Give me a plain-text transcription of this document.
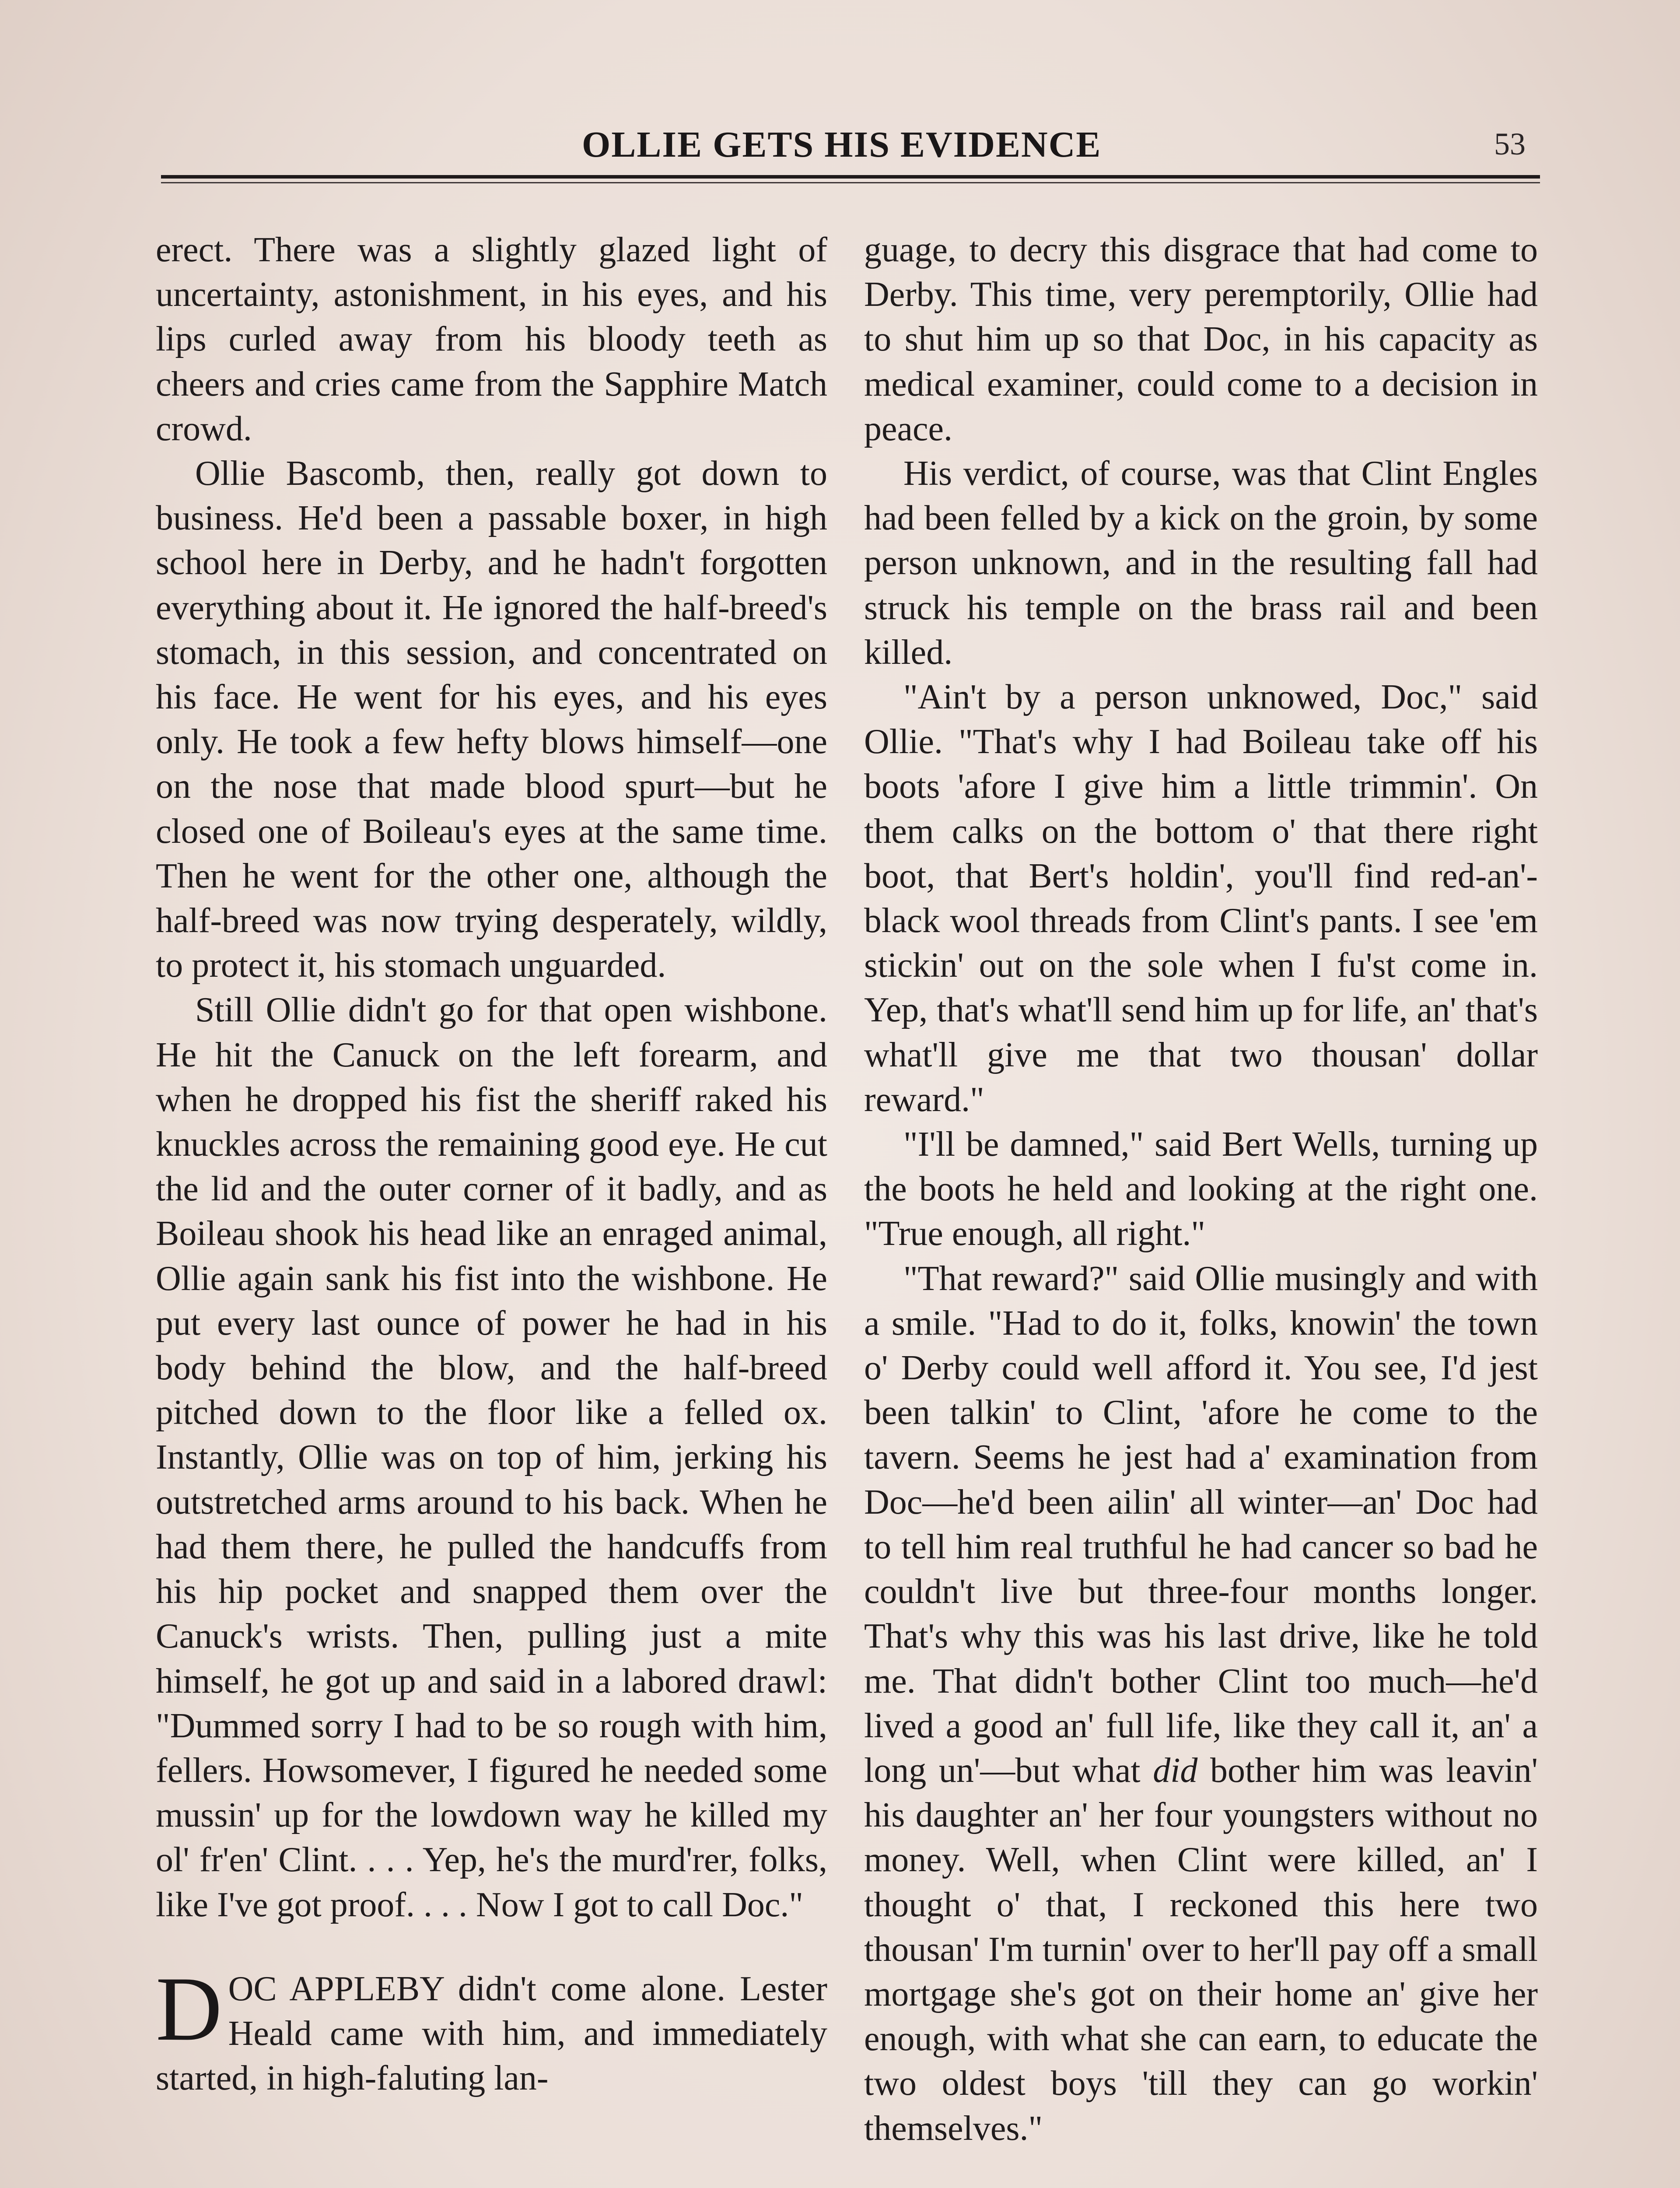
OLLIE GETS HIS EVIDENCE	53

erect. There was a slightly glazed light of uncertainty, astonishment, in his eyes, and his lips curled away from his bloody teeth as cheers and cries came from the Sapphire Match crowd.

Ollie Bascomb, then, really got down to business. He'd been a passable boxer, in high school here in Derby, and he hadn't forgotten everything about it. He ignored the half-breed's stomach, in this session, and concentrated on his face. He went for his eyes, and his eyes only. He took a few hefty blows himself—one on the nose that made blood spurt—but he closed one of Boileau's eyes at the same time. Then he went for the other one, although the half-breed was now trying desperately, wildly, to protect it, his stomach unguarded.

Still Ollie didn't go for that open wishbone. He hit the Canuck on the left forearm, and when he dropped his fist the sheriff raked his knuckles across the remaining good eye. He cut the lid and the outer corner of it badly, and as Boileau shook his head like an enraged animal, Ollie again sank his fist into the wishbone. He put every last ounce of power he had in his body behind the blow, and the half-breed pitched down to the floor like a felled ox. Instantly, Ollie was on top of him, jerking his outstretched arms around to his back. When he had them there, he pulled the handcuffs from his hip pocket and snapped them over the Canuck's wrists. Then, pulling just a mite himself, he got up and said in a labored drawl: "Dummed sorry I had to be so rough with him, fellers. Howsomever, I figured he needed some mussin' up for the lowdown way he killed my ol' fr'en' Clint. . . . Yep, he's the murd'rer, folks, like I've got proof. . . . Now I got to call Doc."

DOC APPLEBY didn't come alone. Lester Heald came with him, and immediately started, in high-faluting lan-

guage, to decry this disgrace that had come to Derby. This time, very peremptorily, Ollie had to shut him up so that Doc, in his capacity as medical examiner, could come to a decision in peace.

His verdict, of course, was that Clint Engles had been felled by a kick on the groin, by some person unknown, and in the resulting fall had struck his temple on the brass rail and been killed.

"Ain't by a person unknowed, Doc," said Ollie. "That's why I had Boileau take off his boots 'afore I give him a little trimmin'. On them calks on the bottom o' that there right boot, that Bert's holdin', you'll find red-an'-black wool threads from Clint's pants. I see 'em stickin' out on the sole when I fu'st come in. Yep, that's what'll send him up for life, an' that's what'll give me that two thousan' dollar reward."

"I'll be damned," said Bert Wells, turning up the boots he held and looking at the right one. "True enough, all right."

"That reward?" said Ollie musingly and with a smile. "Had to do it, folks, knowin' the town o' Derby could well afford it. You see, I'd jest been talkin' to Clint, 'afore he come to the tavern. Seems he jest had a' examination from Doc—he'd been ailin' all winter—an' Doc had to tell him real truthful he had cancer so bad he couldn't live but three-four months longer. That's why this was his last drive, like he told me. That didn't bother Clint too much—he'd lived a good an' full life, like they call it, an' a long un'—but what did bother him was leavin' his daughter an' her four youngsters without no money. Well, when Clint were killed, an' I thought o' that, I reckoned this here two thousan' I'm turnin' over to her'll pay off a small mortgage she's got on their home an' give her enough, with what she can earn, to educate the two oldest boys 'till they can go workin' themselves."
